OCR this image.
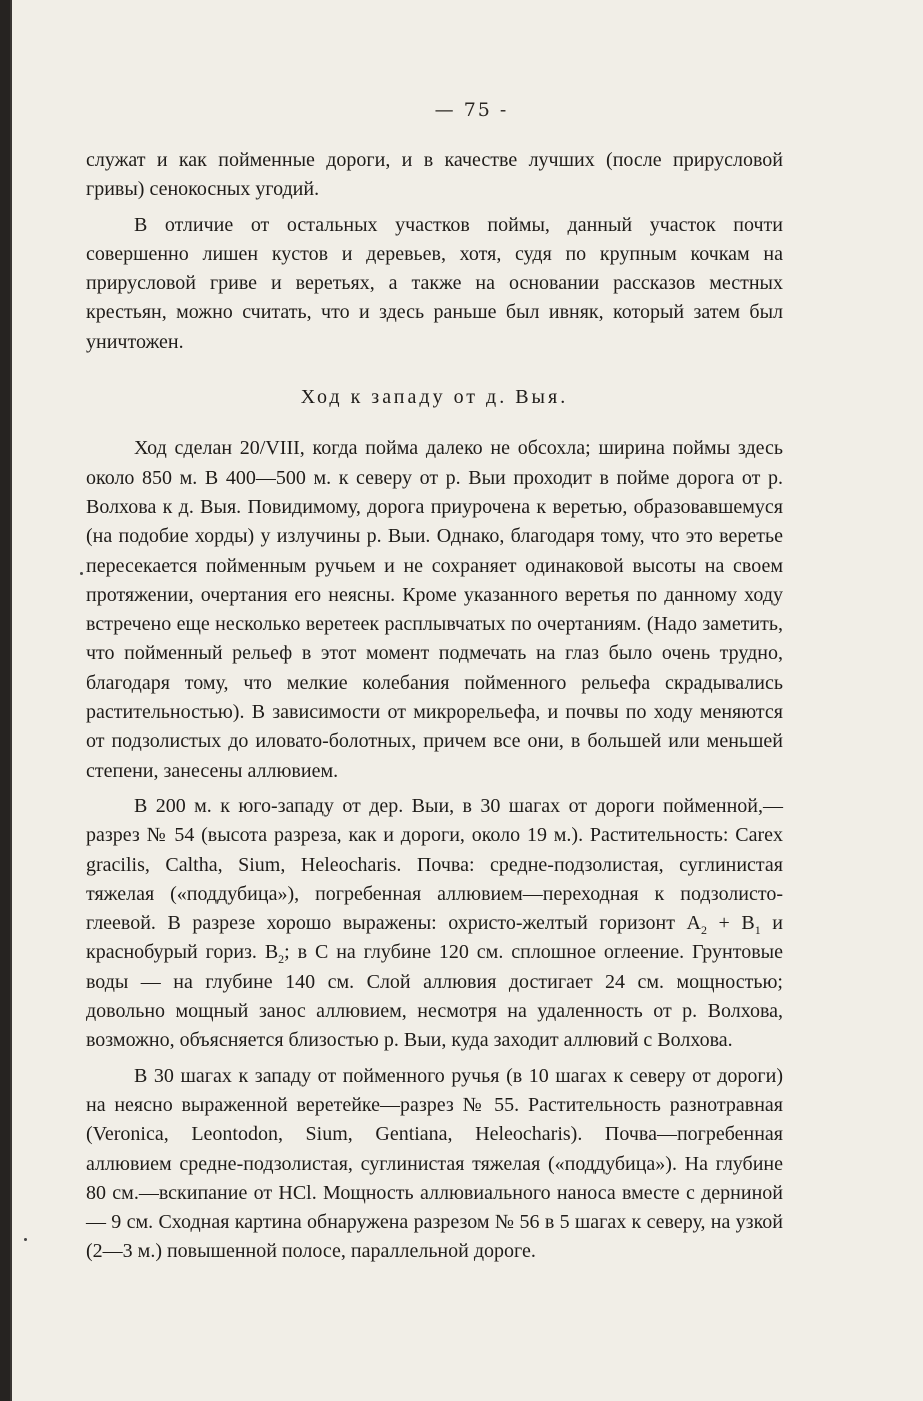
— 75 -

служат и как пойменные дороги, и в качестве лучших (после прирусловой гривы) сенокосных угодий.

В отличие от остальных участков поймы, данный участок почти совершенно лишен кустов и деревьев, хотя, судя по крупным кочкам на прирусловой гриве и веретьях, а также на основании рассказов местных крестьян, можно считать, что и здесь раньше был ивняк, который затем был уничтожен.

Ход к западу от д. Выя.

Ход сделан 20/VIII, когда пойма далеко не обсохла; ширина поймы здесь около 850 м. В 400—500 м. к северу от р. Выи проходит в пойме дорога от р. Волхова к д. Выя. Повидимому, дорога приурочена к веретью, образовавшемуся (на подобие хорды) у излучины р. Выи. Однако, благодаря тому, что это веретье пересекается пойменным ручьем и не сохраняет одинаковой высоты на своем протяжении, очертания его неясны. Кроме указанного веретья по данному ходу встречено еще несколько веретеек расплывчатых по очертаниям. (Надо заметить, что пойменный рельеф в этот момент подмечать на глаз было очень трудно, благодаря тому, что мелкие колебания пойменного рельефа скрадывались растительностью). В зависимости от микрорельефа, и почвы по ходу меняются от подзолистых до иловато-болотных, причем все они, в большей или меньшей степени, занесены аллювием.

В 200 м. к юго-западу от дер. Выи, в 30 шагах от дороги пойменной,—разрез № 54 (высота разреза, как и дороги, около 19 м.). Растительность: Carex gracilis, Caltha, Sium, Heleocharis. Почва: средне-подзолистая, суглинистая тяжелая («поддубица»), погребенная аллювием—переходная к подзолисто-глеевой. В разрезе хорошо выражены: охристо-желтый горизонт $A_2 + B_1$ и краснобурый гориз. $B_2$; в C на глубине 120 см. сплошное оглеение. Грунтовые воды — на глубине 140 см. Слой аллювия достигает 24 см. мощностью; довольно мощный занос аллювием, несмотря на удаленность от р. Волхова, возможно, объясняется близостью р. Выи, куда заходит аллювий с Волхова.

В 30 шагах к западу от пойменного ручья (в 10 шагах к северу от дороги) на неясно выраженной веретейке—разрез № 55. Растительность разнотравная (Veronica, Leontodon, Sium, Gentiana, Heleocharis). Почва—погребенная аллювием средне-подзолистая, суглинистая тяжелая («поддубица»). На глубине 80 см.—вскипание от HCl. Мощность аллювиального наноса вместе с дерниной — 9 см. Сходная картина обнаружена разрезом № 56 в 5 шагах к северу, на узкой (2—3 м.) повышенной полосе, параллельной дороге.
